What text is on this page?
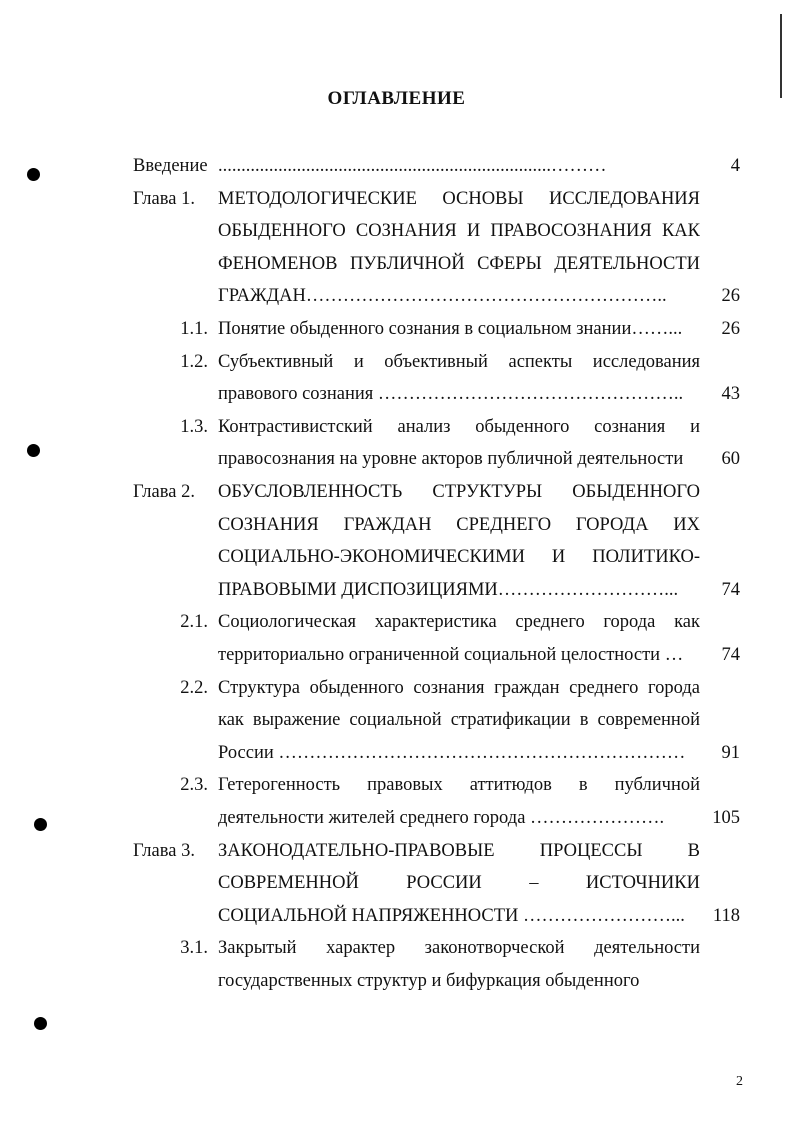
ОГЛАВЛЕНИЕ
Введение ........................................................................………	4
Глава 1. МЕТОДОЛОГИЧЕСКИЕ ОСНОВЫ ИССЛЕДОВАНИЯ
ОБЫДЕННОГО СОЗНАНИЯ И ПРАВОСОЗНАНИЯ КАК
ФЕНОМЕНОВ ПУБЛИЧНОЙ СФЕРЫ ДЕЯТЕЛЬНОСТИ
ГРАЖДАН…………………………………………………..	26
1.1. Понятие обыденного сознания в социальном знании……...	26
1.2. Субъективный и объективный аспекты исследования
правового сознания …………………………………………..	43
1.3. Контрастивистский анализ обыденного сознания и
правосознания на уровне акторов публичной деятельности	60
Глава 2. ОБУСЛОВЛЕННОСТЬ СТРУКТУРЫ ОБЫДЕННОГО
СОЗНАНИЯ ГРАЖДАН СРЕДНЕГО ГОРОДА ИХ
СОЦИАЛЬНО-ЭКОНОМИЧЕСКИМИ И ПОЛИТИКО-
ПРАВОВЫМИ ДИСПОЗИЦИЯМИ………………………...	74
2.1. Социологическая характеристика среднего города как
территориально ограниченной социальной целостности …	74
2.2. Структура обыденного сознания граждан среднего города
как выражение социальной стратификации в современной
России …………………………………………………………	91
2.3. Гетерогенность правовых аттитюдов в публичной
деятельности жителей среднего города ………………….	105
Глава 3. ЗАКОНОДАТЕЛЬНО-ПРАВОВЫЕ ПРОЦЕССЫ В
СОВРЕМЕННОЙ РОССИИ – ИСТОЧНИКИ
СОЦИАЛЬНОЙ НАПРЯЖЕННОСТИ ……………………...	118
3.1. Закрытый характер законотворческой деятельности
государственных структур и бифуркация обыденного
2
